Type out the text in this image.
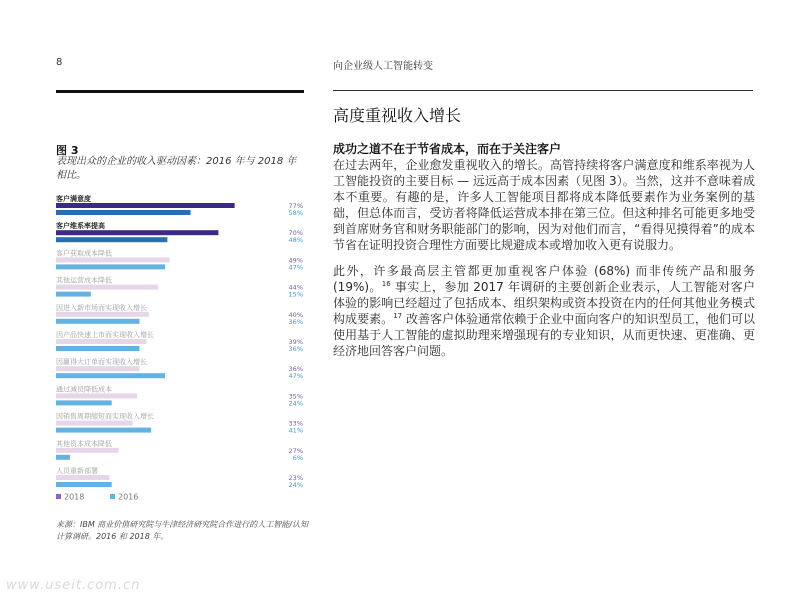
8	向企业级人工智能转变
高度重视收入增长
图 3
表现出众的企业的收入驱动因素：2016 年与 2018 年相比。
客户满意度
77%
58%
客户维系率提高
70%
48%
客户获取成本降低
49%
47%
其他运营成本降低
44%
15%
因进入新市场而实现收入增长
40%
36%
因产品快速上市而实现收入增长
39%
36%
因赢得大订单而实现收入增长
36%
47%
通过减员降低成本
35%
24%
因销售周期缩短而实现收入增长
33%
41%
其他资本成本降低
27%
6%
人员重新部署
23%
24%
2018	2016
来源：IBM 商业价值研究院与牛津经济研究院合作进行的人工智能/认知计算调研。2016 和 2018 年。

成功之道不在于节省成本，而在于关注客户

在过去两年，企业愈发重视收入的增长。高管持续将客户满意度和维系率视为人工智能投资的主要目标 — 远远高于成本因素（见图 3）。当然，这并不意味着成本不重要。有趣的是，许多人工智能项目都将成本降低要素作为业务案例的基础，但总体而言，受访者将降低运营成本排在第三位。但这种排名可能更多地受到首席财务官和财务职能部门的影响，因为对他们而言，“看得见摸得着”的成本节省在证明投资合理性方面要比规避成本或增加收入更有说服力。

此外，许多最高层主管都更加重视客户体验 (68%) 而非传统产品和服务 (19%)。$^{16}$ 事实上，参加 2017 年调研的主要创新企业表示，人工智能对客户体验的影响已经超过了包括成本、组织架构或资本投资在内的任何其他业务模式构成要素。$^{17}$ 改善客户体验通常依赖于企业中面向客户的知识型员工，他们可以使用基于人工智能的虚拟助理来增强现有的专业知识，从而更快速、更准确、更经济地回答客户问题。

www.useit.com.cn
